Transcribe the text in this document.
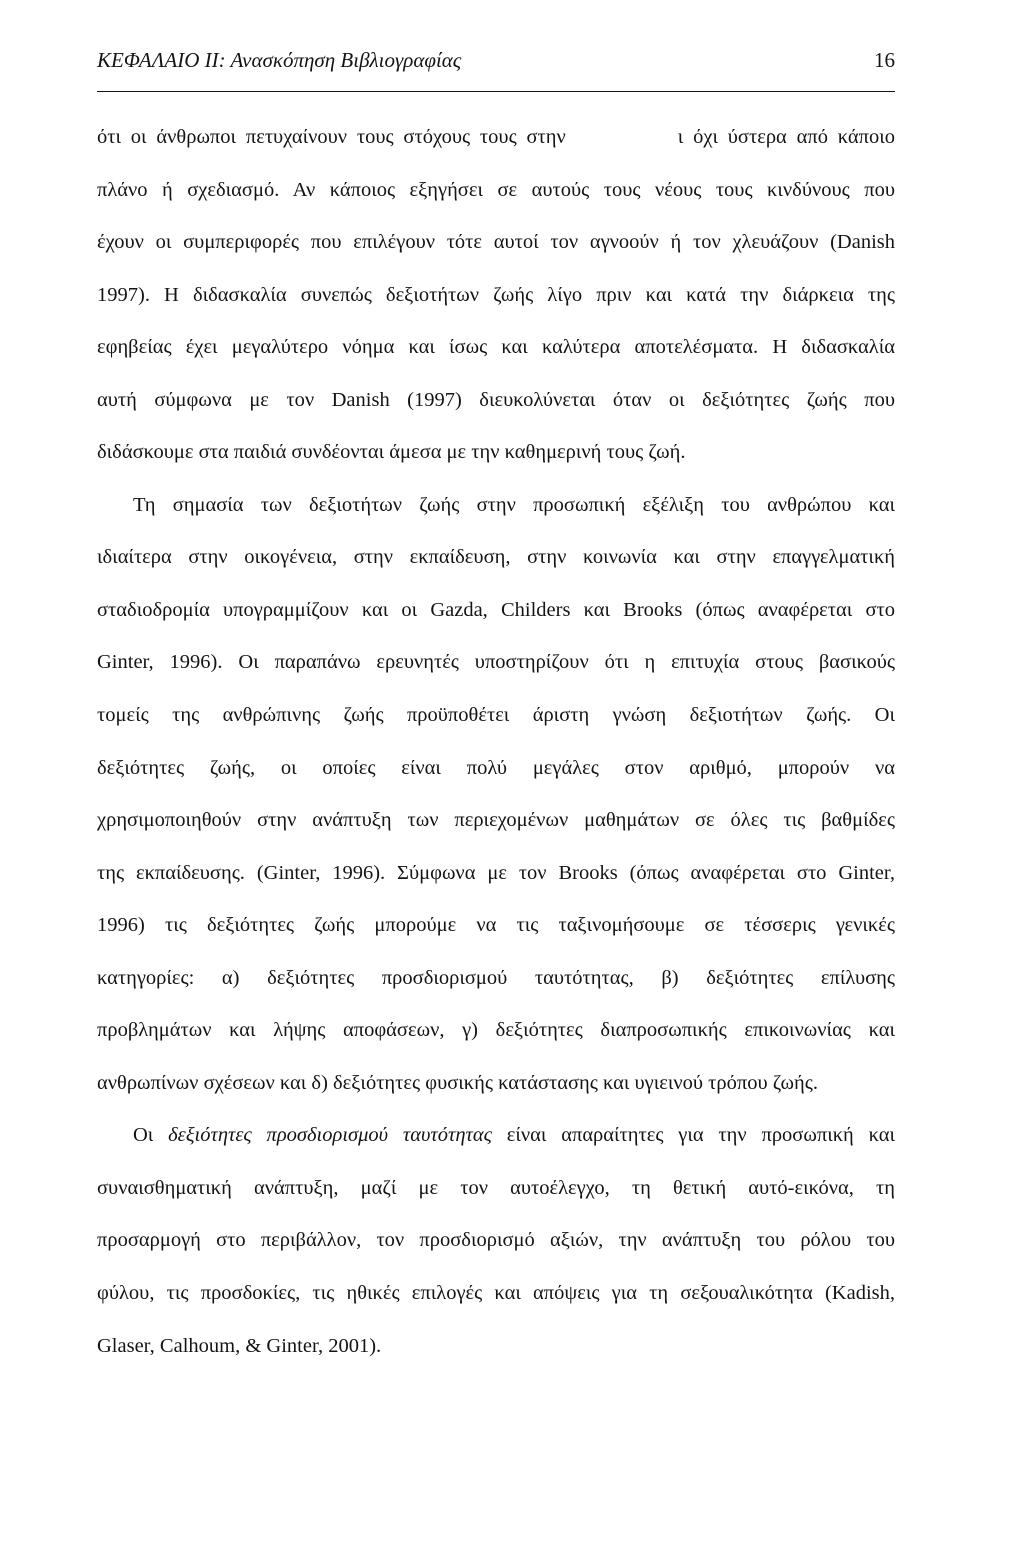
ΚΕΦΑΛΑΙΟ ΙΙ: Ανασκόπηση Βιβλιογραφίας	16
ότι οι άνθρωποι πετυχαίνουν τους στόχους τους στην	ι όχι ύστερα από κάποιο
πλάνο ή σχεδιασμό. Αν κάποιος εξηγήσει σε αυτούς τους νέους τους κινδύνους που
έχουν οι συμπεριφορές που επιλέγουν τότε αυτοί τον αγνοούν ή τον χλευάζουν (Danish
1997). Η διδασκαλία συνεπώς δεξιοτήτων ζωής λίγο πριν και κατά την διάρκεια της
εφηβείας έχει μεγαλύτερο νόημα και ίσως και καλύτερα αποτελέσματα. Η διδασκαλία
αυτή σύμφωνα με τον Danish (1997) διευκολύνεται όταν οι δεξιότητες ζωής που
διδάσκουμε στα παιδιά συνδέονται άμεσα με την καθημερινή τους ζωή.
Τη σημασία των δεξιοτήτων ζωής στην προσωπική εξέλιξη του ανθρώπου και
ιδιαίτερα στην οικογένεια, στην εκπαίδευση, στην κοινωνία και στην επαγγελματική
σταδιοδρομία υπογραμμίζουν και οι Gazda, Childers και Brooks (όπως αναφέρεται στο
Ginter, 1996). Οι παραπάνω ερευνητές υποστηρίζουν ότι η επιτυχία στους βασικούς
τομείς της ανθρώπινης ζωής προϋποθέτει άριστη γνώση δεξιοτήτων ζωής. Οι
δεξιότητες ζωής, οι οποίες είναι πολύ μεγάλες στον αριθμό, μπορούν να
χρησιμοποιηθούν στην ανάπτυξη των περιεχομένων μαθημάτων σε όλες τις βαθμίδες
της εκπαίδευσης. (Ginter, 1996). Σύμφωνα με τον Brooks (όπως αναφέρεται στο Ginter,
1996) τις δεξιότητες ζωής μπορούμε να τις ταξινομήσουμε σε τέσσερις γενικές
κατηγορίες: α) δεξιότητες προσδιορισμού ταυτότητας, β) δεξιότητες επίλυσης
προβλημάτων και λήψης αποφάσεων, γ) δεξιότητες διαπροσωπικής επικοινωνίας και
ανθρωπίνων σχέσεων και δ) δεξιότητες φυσικής κατάστασης και υγιεινού τρόπου ζωής.
Οι δεξιότητες προσδιορισμού ταυτότητας είναι απαραίτητες για την προσωπική και
συναισθηματική ανάπτυξη, μαζί με τον αυτοέλεγχο, τη θετική αυτό-εικόνα, τη
προσαρμογή στο περιβάλλον, τον προσδιορισμό αξιών, την ανάπτυξη του ρόλου του
φύλου, τις προσδοκίες, τις ηθικές επιλογές και απόψεις για τη σεξουαλικότητα (Kadish,
Glaser, Calhoum, & Ginter, 2001).
